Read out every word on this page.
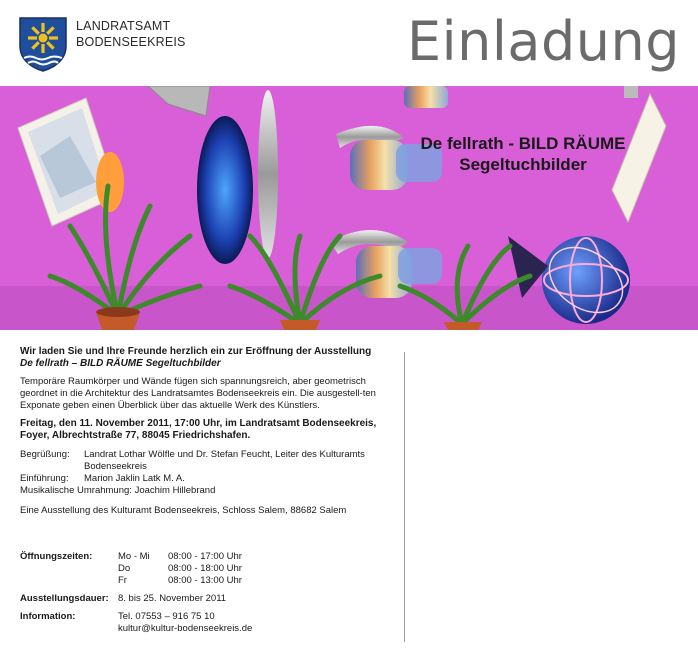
LANDRATSAMT
BODENSEEKREIS	Einladung
De fellrath - BILD RÄUME
Segeltuchbilder
Wir laden Sie und Ihre Freunde herzlich ein zur Eröffnung der Ausstellung
De fellrath – BILD RÄUME Segeltuchbilder
Temporäre Raumkörper und Wände fügen sich spannungsreich, aber geometrisch geordnet in die Architektur des Landratsamtes Bodenseekreis ein. Die ausgestell-ten Exponate geben einen Überblick über das aktuelle Werk des Künstlers.
Freitag, den 11. November 2011, 17:00 Uhr, im Landratsamt Bodenseekreis, Foyer, Albrechtstraße 77, 88045 Friedrichshafen.
Begrüßung:	Landrat Lothar Wölfle und Dr. Stefan Feucht, Leiter des Kulturamts Bodenseekreis
Einführung:	Marion Jaklin Latk M. A.
Musikalische Umrahmung: Joachim Hillebrand
Eine Ausstellung des Kulturamt Bodenseekreis, Schloss Salem, 88682 Salem
Öffnungszeiten:	Mo - Mi	08:00 - 17:00 Uhr
Do	08:00 - 18:00 Uhr
Fr	08:00 - 13:00 Uhr
Ausstellungsdauer: 8. bis 25. November 2011
Information:	Tel. 07553 – 916 75 10
kultur@kultur-bodenseekreis.de
